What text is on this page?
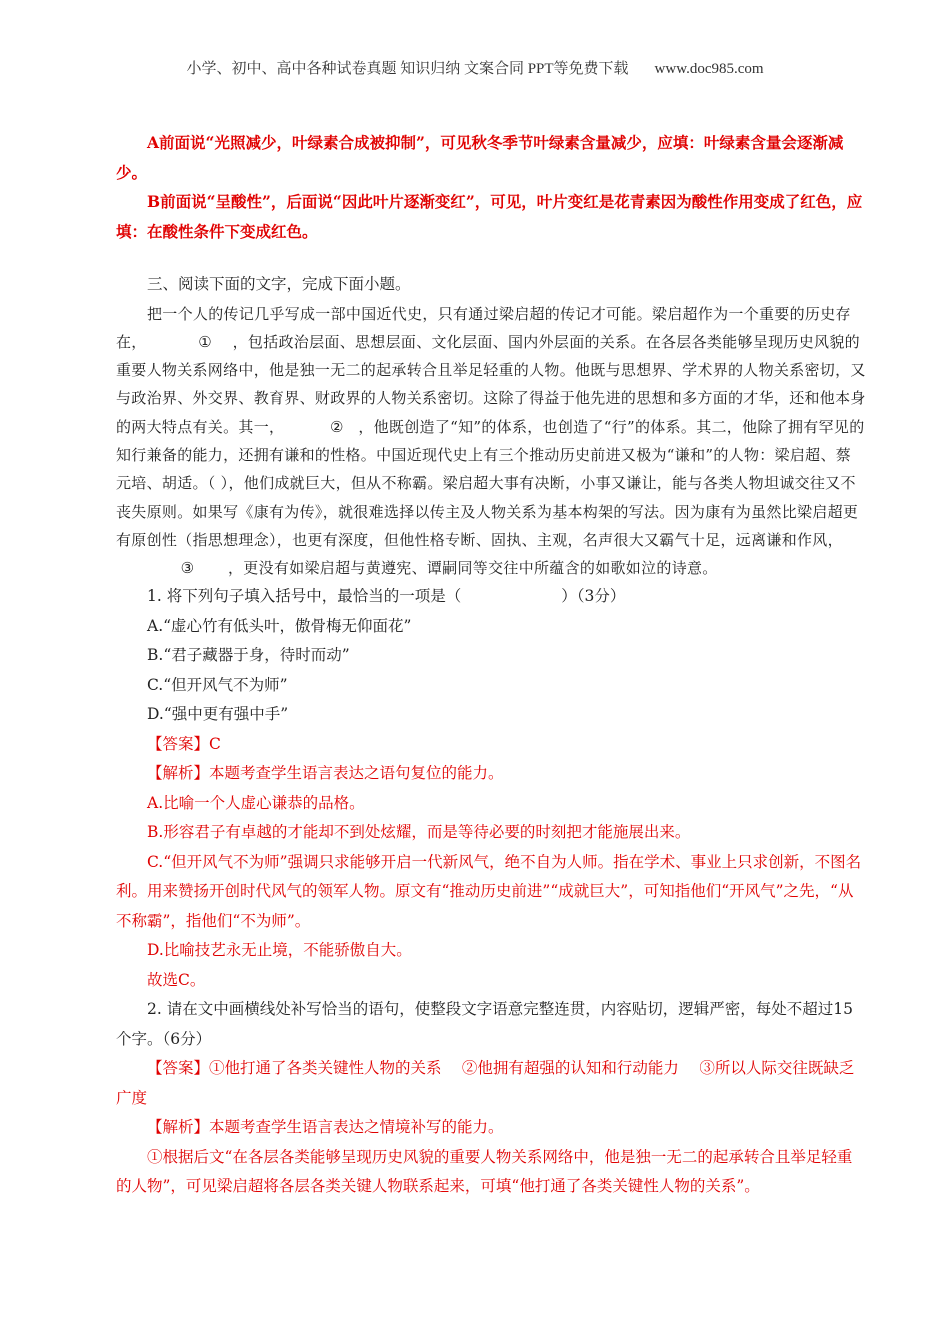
小学、初中、高中各种试卷真题 知识归纳 文案合同 PPT等免费下载 www.doc985.com

A前面说“光照减少，叶绿素合成被抑制”，可见秋冬季节叶绿素含量减少，应填：叶绿素含量会逐渐减少。

B前面说“呈酸性”，后面说“因此叶片逐渐变红”，可见，叶片变红是花青素因为酸性作用变成了红色，应填：在酸性条件下变成红色。

三、阅读下面的文字，完成下面小题。

把一个人的传记几乎写成一部中国近代史，只有通过梁启超的传记才可能。梁启超作为一个重要的历史存在，	① ，包括政治层面、思想层面、文化层面、国内外层面的关系。在各层各类能够呈现历史风貌的重要人物关系网络中，他是独一无二的起承转合且举足轻重的人物。他既与思想界、学术界的人物关系密切，又与政治界、外交界、教育界、财政界的人物关系密切。这除了得益于他先进的思想和多方面的才华，还和他本身的两大特点有关。其一，	② ，他既创造了“知”的体系，也创造了“行”的体系。其二，他除了拥有罕见的知行兼备的能力，还拥有谦和的性格。中国近现代史上有三个推动历史前进又极为“谦和”的人物：梁启超、蔡元培、胡适。（ ），他们成就巨大，但从不称霸。梁启超大事有决断，小事又谦让，能与各类人物坦诚交往又不丧失原则。如果写《康有为传》，就很难选择以传主及人物关系为基本构架的写法。因为康有为虽然比梁启超更有原创性（指思想理念），也更有深度，但他性格专断、固执、主观，名声很大又霸气十足，远离谦和作风，③ ，更没有如梁启超与黄遵宪、谭嗣同等交往中所蕴含的如歌如泣的诗意。

1. 将下列句子填入括号中，最恰当的一项是（	）（3分）

A.“虚心竹有低头叶，傲骨梅无仰面花”

B.“君子藏器于身，待时而动”

C.“但开风气不为师”

D.“强中更有强中手”

【答案】C

【解析】本题考查学生语言表达之语句复位的能力。

A.比喻一个人虚心谦恭的品格。

B.形容君子有卓越的才能却不到处炫耀，而是等待必要的时刻把才能施展出来。

C.“但开风气不为师”强调只求能够开启一代新风气，绝不自为人师。指在学术、事业上只求创新，不图名利。用来赞扬开创时代风气的领军人物。原文有“推动历史前进”“成就巨大”，可知指他们“开风气”之先，“从不称霸”，指他们“不为师”。

D.比喻技艺永无止境，不能骄傲自大。

故选C。

2. 请在文中画横线处补写恰当的语句，使整段文字语意完整连贯，内容贴切，逻辑严密，每处不超过15个字。（6分）

【答案】①他打通了各类关键性人物的关系 　②他拥有超强的认知和行动能力 　③所以人际交往既缺乏广度

【解析】本题考查学生语言表达之情境补写的能力。

①根据后文“在各层各类能够呈现历史风貌的重要人物关系网络中，他是独一无二的起承转合且举足轻重的人物”，可见梁启超将各层各类关键人物联系起来，可填“他打通了各类关键性人物的关系”。
